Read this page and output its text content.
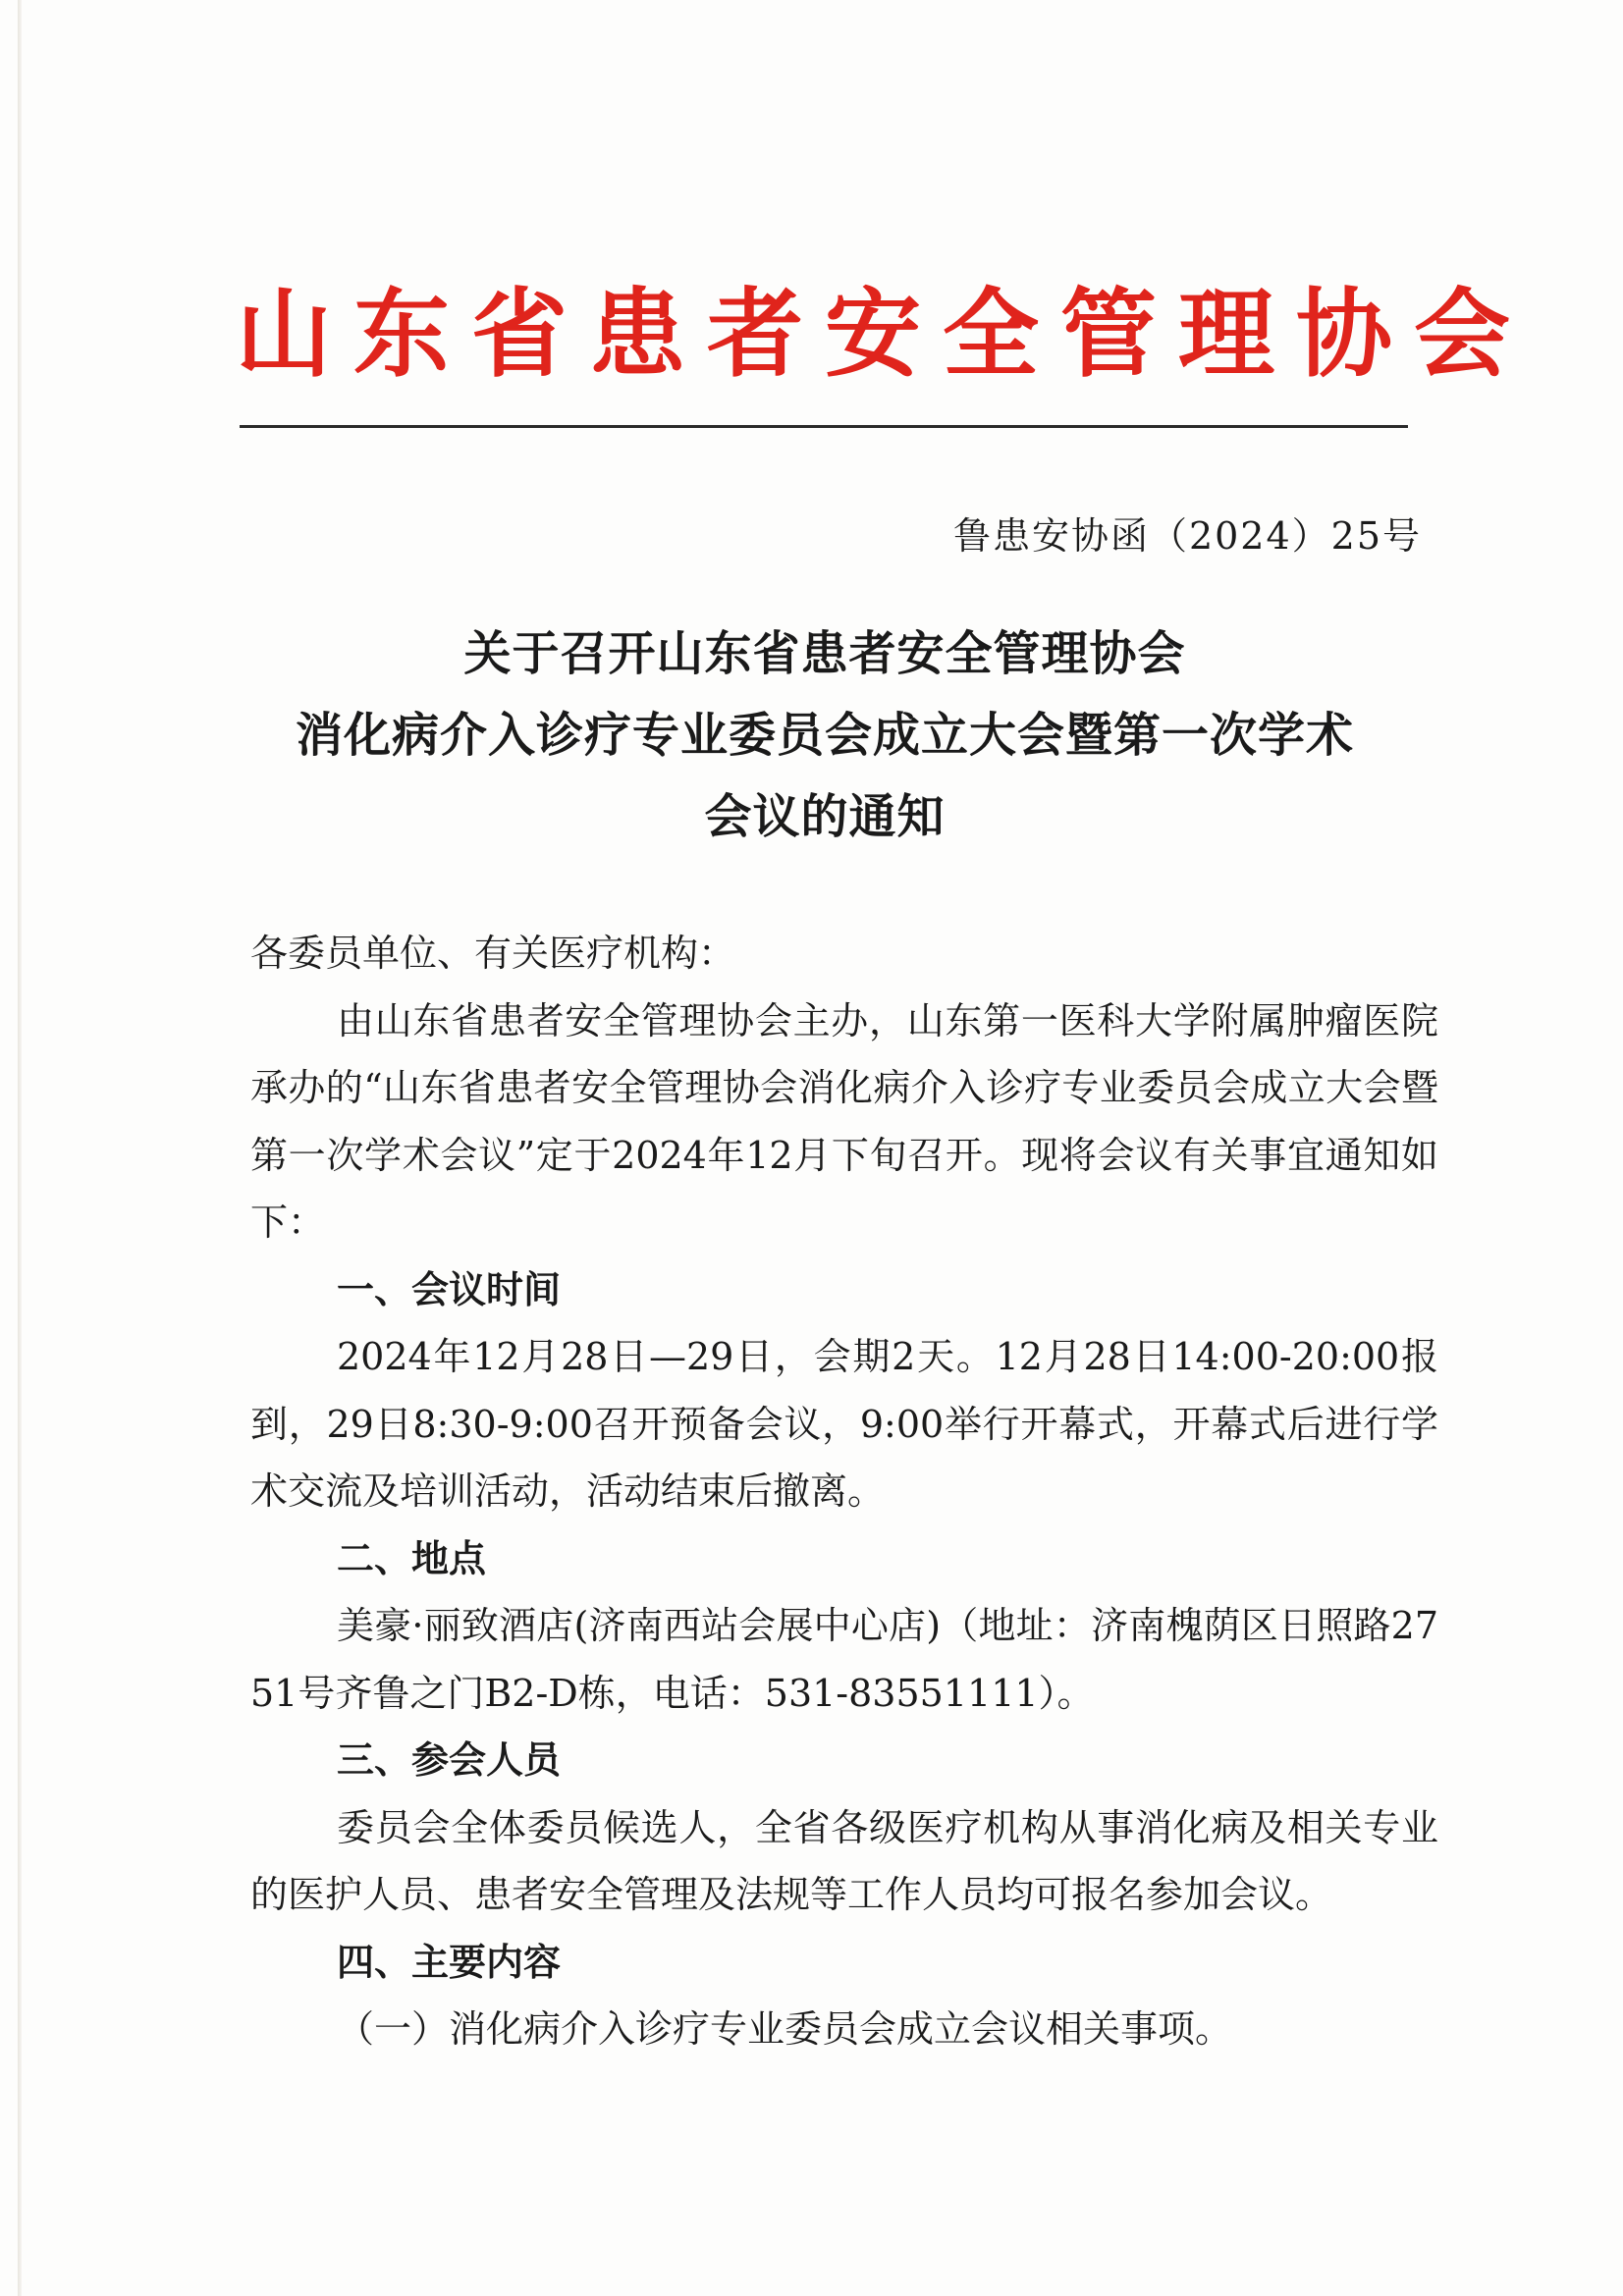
山东省患者安全管理协会
鲁患安协函（2024）25号
关于召开山东省患者安全管理协会
消化病介入诊疗专业委员会成立大会暨第一次学术
会议的通知

各委员单位、有关医疗机构：

由山东省患者安全管理协会主办，山东第一医科大学附属肿瘤医院承办的“山东省患者安全管理协会消化病介入诊疗专业委员会成立大会暨第一次学术会议”定于2024年12月下旬召开。现将会议有关事宜通知如下：

一、会议时间

2024年12月28日—29日，会期2天。12月28日14:00-20:00报到，29日8:30-9:00召开预备会议，9:00举行开幕式，开幕式后进行学术交流及培训活动，活动结束后撤离。

二、地点

美豪·丽致酒店(济南西站会展中心店)（地址：济南槐荫区日照路2751号齐鲁之门B2-D栋，电话：531-83551111）。

三、参会人员

委员会全体委员候选人，全省各级医疗机构从事消化病及相关专业的医护人员、患者安全管理及法规等工作人员均可报名参加会议。

四、主要内容

（一）消化病介入诊疗专业委员会成立会议相关事项。
